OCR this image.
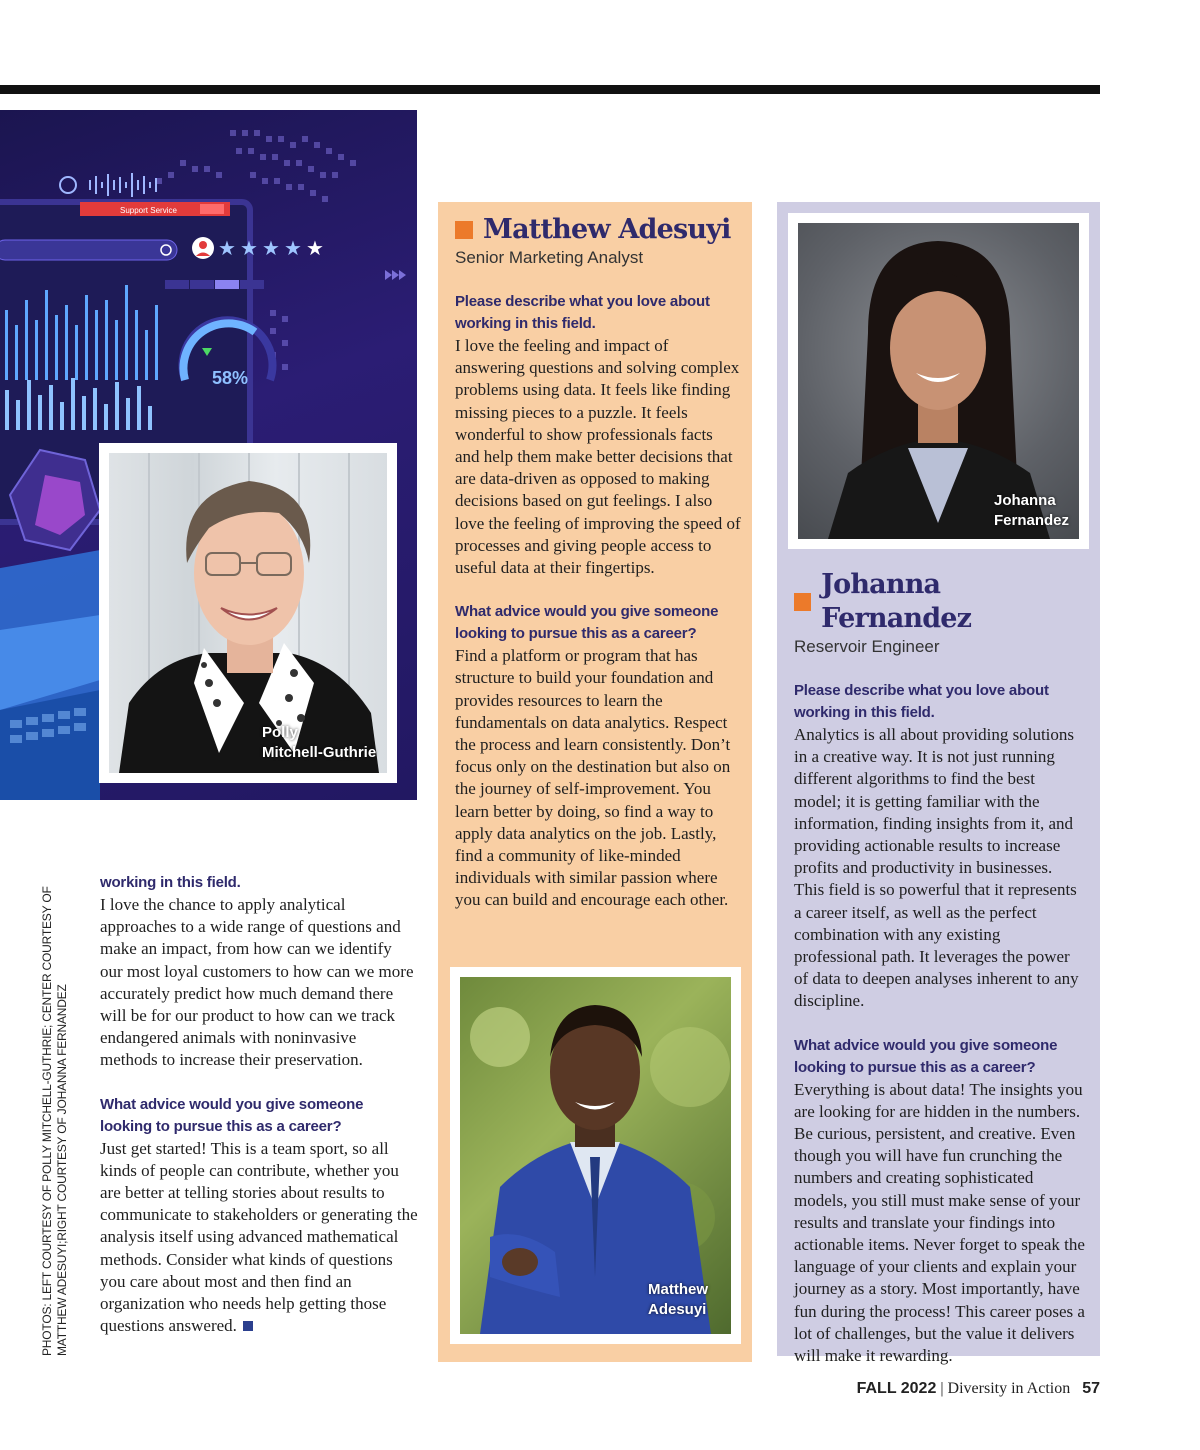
Support Service
★ ★ ★ ★ ★
58%
Polly
Mitchell-Guthrie
PHOTOS: LEFT COURTESY OF POLLY MITCHELL-GUTHRIE; CENTER COURTESY OF MATTHEW ADESUYI;RIGHT COURTESY OF JOHANNA FERNANDEZ
working in this field.

I love the chance to apply analytical approaches to a wide range of questions and make an impact, from how can we identify our most loyal customers to how can we more accurately predict how much demand there will be for our product to how can we track endangered animals with noninvasive methods to increase their preservation.

What advice would you give someone looking to pursue this as a career?

Just get started! This is a team sport, so all kinds of people can contribute, whether you are better at telling stories about results to communicate to stakeholders or generating the analysis itself using advanced mathematical methods. Consider what kinds of questions you care about most and then find an organization who needs help getting those questions answered.

Matthew Adesuyi
Senior Marketing Analyst
Please describe what you love about working in this field.

I love the feeling and impact of answering questions and solving complex problems using data. It feels like finding missing pieces to a puzzle. It feels wonderful to show professionals facts and help them make better decisions that are data-driven as opposed to making decisions based on gut feelings. I also love the feeling of improving the speed of processes and giving people access to useful data at their fingertips.

What advice would you give someone looking to pursue this as a career?

Find a platform or program that has structure to build your foundation and provides resources to learn the fundamentals on data analytics. Respect the process and learn consistently. Don’t focus only on the destination but also on the journey of self-improvement. You learn better by doing, so find a way to apply data analytics on the job. Lastly, find a community of like-minded individuals with similar passion where you can build and encourage each other.

Matthew
Adesuyi
Johanna
Fernandez
Johanna Fernandez
Reservoir Engineer
Please describe what you love about working in this field.

Analytics is all about providing solutions in a creative way. It is not just running different algorithms to find the best model; it is getting familiar with the information, finding insights from it, and providing actionable results to increase profits and productivity in businesses. This field is so powerful that it represents a career itself, as well as the perfect combination with any existing professional path. It leverages the power of data to deepen analyses inherent to any discipline.

What advice would you give someone looking to pursue this as a career?

Everything is about data! The insights you are looking for are hidden in the numbers. Be curious, persistent, and creative. Even though you will have fun crunching the numbers and creating sophisticated models, you still must make sense of your results and translate your findings into actionable items. Never forget to speak the language of your clients and explain your journey as a story. Most importantly, have fun during the process! This career poses a lot of challenges, but the value it delivers will make it rewarding.

FALL 2022 | Diversity in Action 57
